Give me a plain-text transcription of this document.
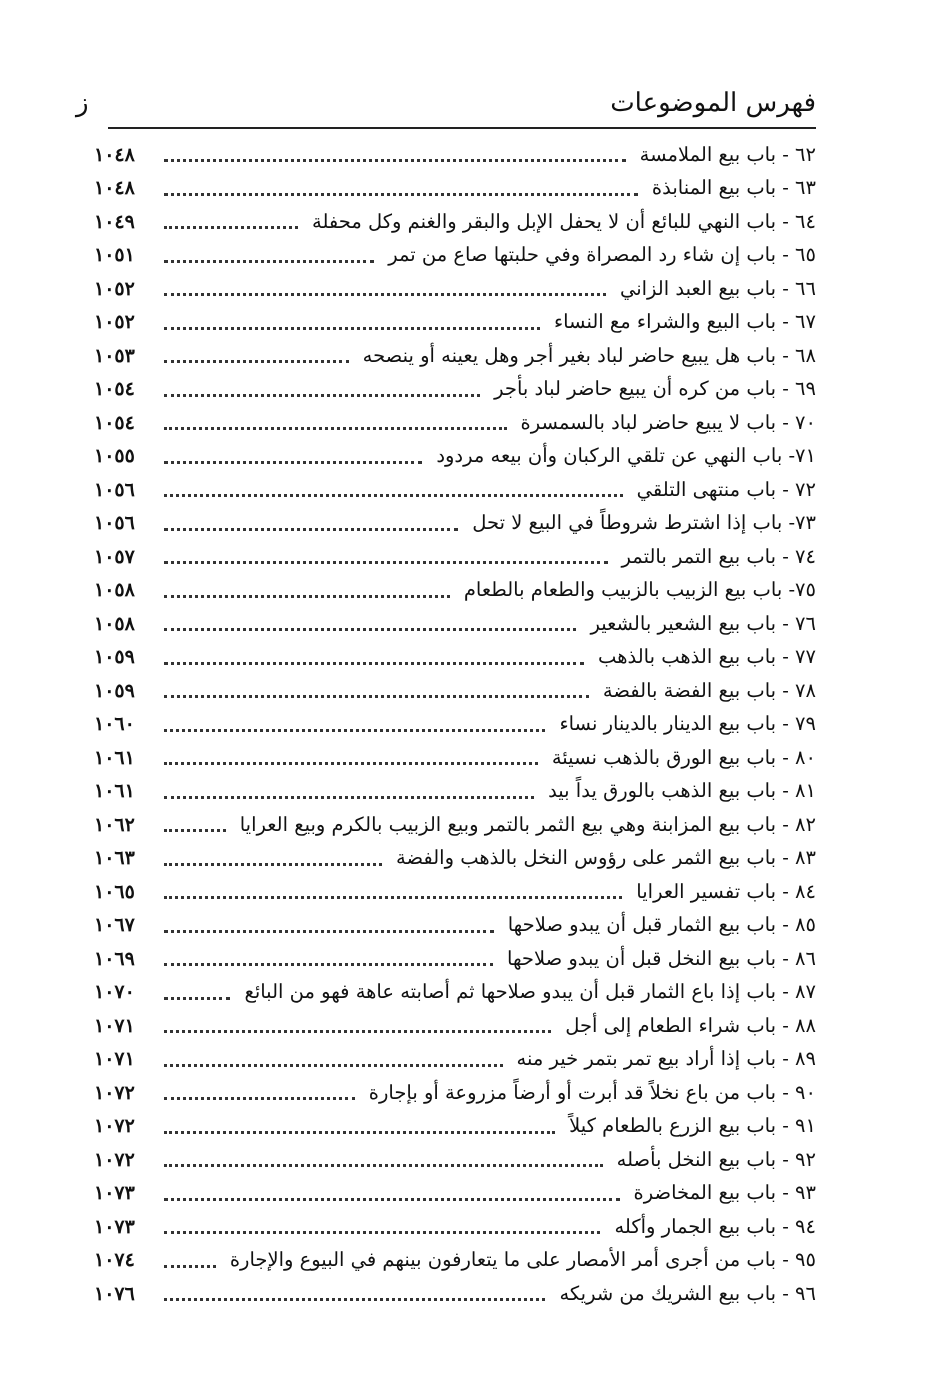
فهرس الموضوعات
ز
٦٢ - باب بيع الملامسة
١٠٤٨
٦٣ - باب بيع المنابذة
١٠٤٨
٦٤ - باب النهي للبائع أن لا يحفل الإبل والبقر والغنم وكل محفلة
١٠٤٩
٦٥ - باب إن شاء رد المصراة وفي حلبتها صاع من تمر
١٠٥١
٦٦ - باب بيع العبد الزاني
١٠٥٢
٦٧ - باب البيع والشراء مع النساء
١٠٥٢
٦٨ - باب هل يبيع حاضر لباد بغير أجر وهل يعينه أو ينصحه
١٠٥٣
٦٩ - باب من كره أن يبيع حاضر لباد بأجر
١٠٥٤
٧٠ - باب لا يبيع حاضر لباد بالسمسرة
١٠٥٤
٧١- باب النهي عن تلقي الركبان وأن بيعه مردود
١٠٥٥
٧٢ - باب منتهى التلقي
١٠٥٦
٧٣- باب إذا اشترط شروطاً في البيع لا تحل
١٠٥٦
٧٤ - باب بيع التمر بالتمر
١٠٥٧
٧٥- باب بيع الزبيب بالزبيب والطعام بالطعام
١٠٥٨
٧٦ - باب بيع الشعير بالشعير
١٠٥٨
٧٧ - باب بيع الذهب بالذهب
١٠٥٩
٧٨ - باب بيع الفضة بالفضة
١٠٥٩
٧٩ - باب بيع الدينار بالدينار نساء
١٠٦٠
٨٠ - باب بيع الورق بالذهب نسيئة
١٠٦١
٨١ - باب بيع الذهب بالورق يداً بيد
١٠٦١
٨٢ - باب بيع المزابنة وهي بيع الثمر بالتمر وبيع الزبيب بالكرم وبيع العرايا
١٠٦٢
٨٣ - باب بيع الثمر على رؤوس النخل بالذهب والفضة
١٠٦٣
٨٤ - باب تفسير العرايا
١٠٦٥
٨٥ - باب بيع الثمار قبل أن يبدو صلاحها
١٠٦٧
٨٦ - باب بيع النخل قبل أن يبدو صلاحها
١٠٦٩
٨٧ - باب إذا باع الثمار قبل أن يبدو صلاحها ثم أصابته عاهة فهو من البائع
١٠٧٠
٨٨ - باب شراء الطعام إلى أجل
١٠٧١
٨٩ - باب إذا أراد بيع تمر بتمر خير منه
١٠٧١
٩٠ - باب من باع نخلاً قد أبرت أو أرضاً مزروعة أو بإجارة
١٠٧٢
٩١ - باب بيع الزرع بالطعام كيلاً
١٠٧٢
٩٢ - باب بيع النخل بأصله
١٠٧٢
٩٣ - باب بيع المخاضرة
١٠٧٣
٩٤ - باب بيع الجمار وأكله
١٠٧٣
٩٥ - باب من أجرى أمر الأمصار على ما يتعارفون بينهم في البيوع والإجارة
١٠٧٤
٩٦ - باب بيع الشريك من شريكه
١٠٧٦
